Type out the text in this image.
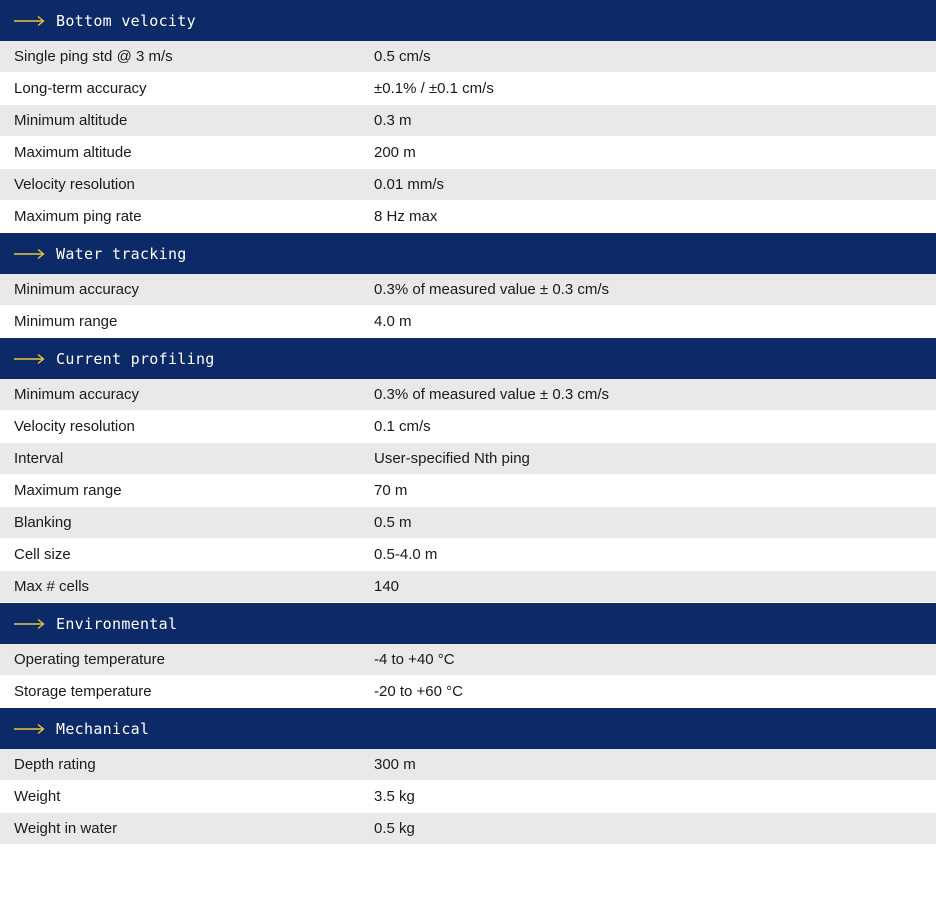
Bottom velocity
Single ping std @ 3 m/s	0.5 cm/s
Long-term accuracy	±0.1% / ±0.1 cm/s
Minimum altitude	0.3 m
Maximum altitude	200 m
Velocity resolution	0.01 mm/s
Maximum ping rate	8 Hz max
Water tracking
Minimum accuracy	0.3% of measured value ± 0.3 cm/s
Minimum range	4.0 m
Current profiling
Minimum accuracy	0.3% of measured value ± 0.3 cm/s
Velocity resolution	0.1 cm/s
Interval	User-specified Nth ping
Maximum range	70 m
Blanking	0.5 m
Cell size	0.5-4.0 m
Max # cells	140
Environmental
Operating temperature	-4 to +40 °C
Storage temperature	-20 to +60 °C
Mechanical
Depth rating	300 m
Weight	3.5 kg
Weight in water	0.5 kg
